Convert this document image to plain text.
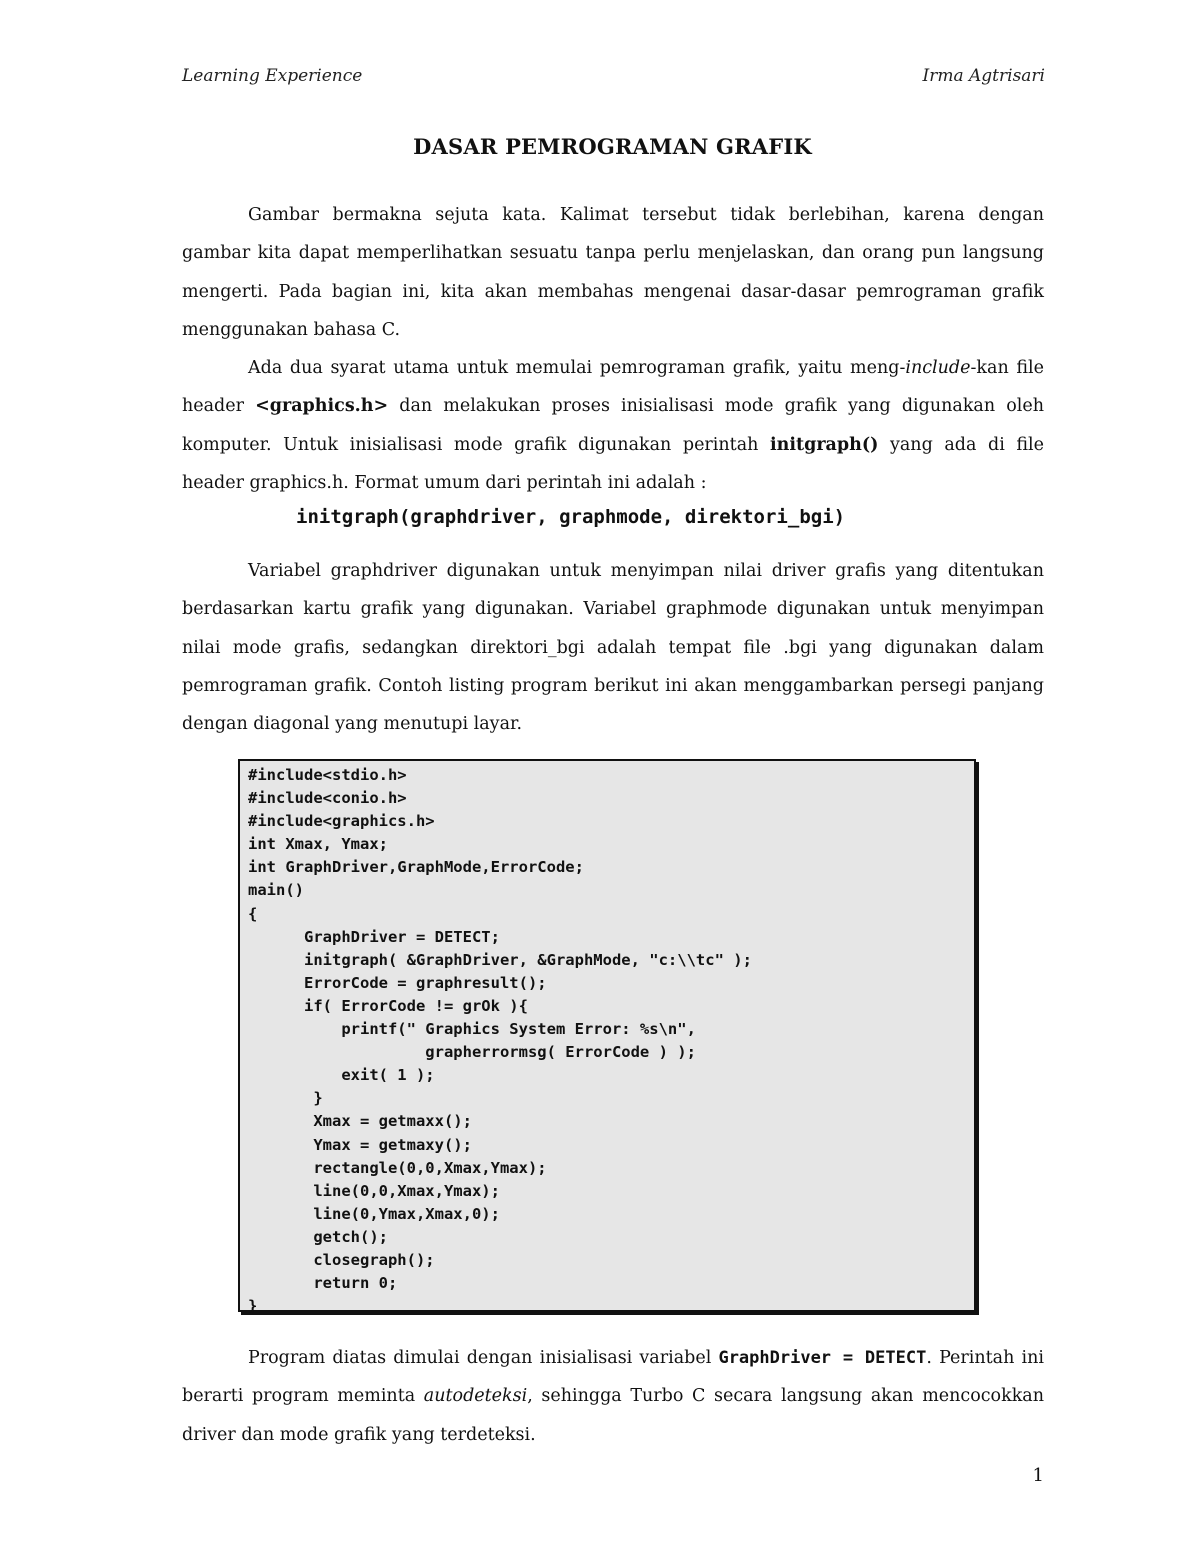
Learning Experience	Irma Agtrisari
DASAR PEMROGRAMAN GRAFIK

Gambar bermakna sejuta kata. Kalimat tersebut tidak berlebihan, karena dengan gambar kita dapat memperlihatkan sesuatu tanpa perlu menjelaskan, dan orang pun langsung mengerti. Pada bagian ini, kita akan membahas mengenai dasar-dasar pemrograman grafik menggunakan bahasa C.

Ada dua syarat utama untuk memulai pemrograman grafik, yaitu meng-include-kan file header <graphics.h> dan melakukan proses inisialisasi mode grafik yang digunakan oleh komputer. Untuk inisialisasi mode grafik digunakan perintah initgraph() yang ada di file header graphics.h. Format umum dari perintah ini adalah :

initgraph(graphdriver, graphmode, direktori_bgi)

Variabel graphdriver digunakan untuk menyimpan nilai driver grafis yang ditentukan berdasarkan kartu grafik yang digunakan. Variabel graphmode digunakan untuk menyimpan nilai mode grafis, sedangkan direktori_bgi adalah tempat file .bgi yang digunakan dalam pemrograman grafik. Contoh listing program berikut ini akan menggambarkan persegi panjang dengan diagonal yang menutupi layar.

#include<stdio.h>
#include<conio.h>
#include<graphics.h>
int Xmax, Ymax;
int GraphDriver,GraphMode,ErrorCode;
main()
{
GraphDriver = DETECT;
initgraph( &GraphDriver, &GraphMode, "c:\\tc" );
ErrorCode = graphresult();
if( ErrorCode != grOk ){
printf(" Graphics System Error: %s\n",
grapherrormsg( ErrorCode ) );
exit( 1 );
}
Xmax = getmaxx();
Ymax = getmaxy();
rectangle(0,0,Xmax,Ymax);
line(0,0,Xmax,Ymax);
line(0,Ymax,Xmax,0);
getch();
closegraph();
return 0;
}

Program diatas dimulai dengan inisialisasi variabel GraphDriver = DETECT. Perintah ini berarti program meminta autodeteksi, sehingga Turbo C secara langsung akan mencocokkan driver dan mode grafik yang terdeteksi.

1
